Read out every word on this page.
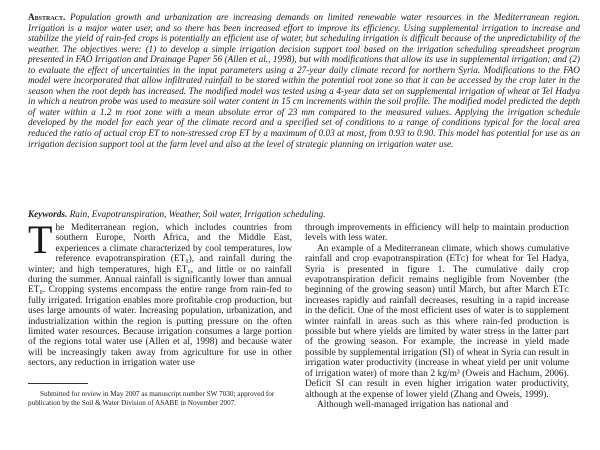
Abstract. Population growth and urbanization are increasing demands on limited renewable water resources in the Mediterranean region. Irrigation is a major water user, and so there has been increased effort to improve its efficiency. Using supplemental irrigation to increase and stabilize the yield of rain-fed crops is potentially an efficient use of water, but scheduling irrigation is difficult because of the unpredictability of the weather. The objectives were: (1) to develop a simple irrigation decision support tool based on the irrigation scheduling spreadsheet program presented in FAO Irrigation and Drainage Paper 56 (Allen et al., 1998), but with modifications that allow its use in supplemental irrigation; and (2) to evaluate the effect of uncertainties in the input parameters using a 27-year daily climate record for northern Syria. Modifications to the FAO model were incorporated that allow infiltrated rainfall to be stored within the potential root zone so that it can be accessed by the crop later in the season when the root depth has increased. The modified model was tested using a 4-year data set on supplemental irrigation of wheat at Tel Hadya in which a neutron probe was used to measure soil water content in 15 cm increments within the soil profile. The modified model predicted the depth of water within a 1.2 m root zone with a mean absolute error of 23 mm compared to the measured values. Applying the irrigation schedule developed by the model for each year of the climate record and a specified set of conditions to a range of conditions typical for the local area reduced the ratio of actual crop ET to non-stressed crop ET by a maximum of 0.03 at most, from 0.93 to 0.90. This model has potential for use as an irrigation decision support tool at the farm level and also at the level of strategic planning on irrigation water use.
Keywords. Rain, Evapotranspiration, Weather, Soil water, Irrigation scheduling.

The Mediterranean region, which includes countries from southern Europe, North Africa, and the Middle East, experiences a climate characterized by cool temperatures, low reference evapotranspiration (ET₀), and rainfall during the winter; and high temperatures, high ET₀, and little or no rainfall during the summer. Annual rainfall is significantly lower than annual ET₀. Cropping systems encompass the entire range from rain-fed to fully irrigated. Irrigation enables more profitable crop production, but uses large amounts of water. Increasing population, urbanization, and industrialization within the region is putting pressure on the often limited water resources. Because irrigation consumes a large portion of the regions total water use (Allen et al, 1998) and because water will be increasingly taken away from agriculture for use in other sectors, any reduction in irrigation water use

Submitted for review in May 2007 as manuscript number SW 7030; approved for publication by the Soil & Water Division of ASABE in November 2007.

through improvements in efficiency will help to maintain production levels with less water.

An example of a Mediterranean climate, which shows cumulative rainfall and crop evapotranspiration (ETᴄ) for wheat for Tel Hadya, Syria is presented in figure 1. The cumulative daily crop evapotranspiration deficit remains negligible from November (the beginning of the growing season) until March, but after March ETᴄ increases rapidly and rainfall decreases, resulting in a rapid increase in the deficit. One of the most efficient uses of water is to supplement winter rainfall in areas such as this where rain-fed production is possible but where yields are limited by water stress in the latter part of the growing season. For example, the increase in yield made possible by supplemental irrigation (SI) of wheat in Syria can result in irrigation water productivity (increase in wheat yield per unit volume of irrigation water) of more than 2 kg/m³ (Oweis and Hachum, 2006). Deficit SI can result in even higher irrigation water productivity, although at the expense of lower yield (Zhang and Oweis, 1999).

Although well-managed irrigation has national and
